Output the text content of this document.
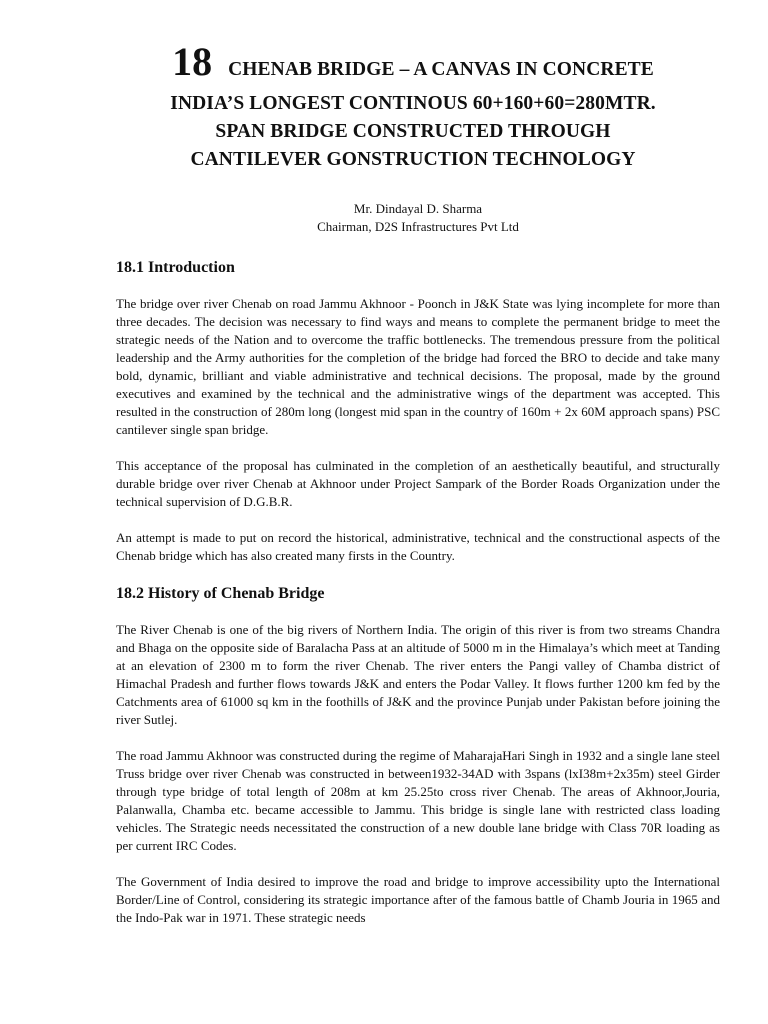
18 CHENAB BRIDGE – A CANVAS IN CONCRETE
INDIA’S LONGEST CONTINOUS 60+160+60=280MTR.
SPAN BRIDGE CONSTRUCTED THROUGH
CANTILEVER GONSTRUCTION TECHNOLOGY
Mr. Dindayal D. Sharma
Chairman, D2S Infrastructures Pvt Ltd
18.1 Introduction

The bridge over river Chenab on road Jammu Akhnoor - Poonch in J&K State was lying incomplete for more than three decades. The decision was necessary to find ways and means to complete the permanent bridge to meet the strategic needs of the Nation and to overcome the traffic bottlenecks. The tremendous pressure from the political leadership and the Army authorities for the completion of the bridge had forced the BRO to decide and take many bold, dynamic, brilliant and viable administrative and technical decisions. The proposal, made by the ground executives and examined by the technical and the administrative wings of the department was accepted. This resulted in the construction of 280m long (longest mid span in the country of 160m + 2x 60M approach spans) PSC cantilever single span bridge.

This acceptance of the proposal has culminated in the completion of an aesthetically beautiful, and structurally durable bridge over river Chenab at Akhnoor under Project Sampark of the Border Roads Organization under the technical supervision of D.G.B.R.

An attempt is made to put on record the historical, administrative, technical and the constructional aspects of the Chenab bridge which has also created many firsts in the Country.

18.2 History of Chenab Bridge

The River Chenab is one of the big rivers of Northern India. The origin of this river is from two streams Chandra and Bhaga on the opposite side of Baralacha Pass at an altitude of 5000 m in the Himalaya’s which meet at Tanding at an elevation of 2300 m to form the river Chenab. The river enters the Pangi valley of Chamba district of Himachal Pradesh and further flows towards J&K and enters the Podar Valley. It flows further 1200 km fed by the Catchments area of 61000 sq km in the foothills of J&K and the province Punjab under Pakistan before joining the river Sutlej.

The road Jammu Akhnoor was constructed during the regime of MaharajaHari Singh in 1932 and a single lane steel Truss bridge over river Chenab was constructed in between1932-34AD with 3spans (lxI38m+2x35m) steel Girder through type bridge of total length of 208m at km 25.25to cross river Chenab. The areas of Akhnoor,Jouria, Palanwalla, Chamba etc. became accessible to Jammu. This bridge is single lane with restricted class loading vehicles. The Strategic needs necessitated the construction of a new double lane bridge with Class 70R loading as per current IRC Codes.

The Government of India desired to improve the road and bridge to improve accessibility upto the International Border/Line of Control, considering its strategic importance after of the famous battle of Chamb Jouria in 1965 and the Indo-Pak war in 1971. These strategic needs
